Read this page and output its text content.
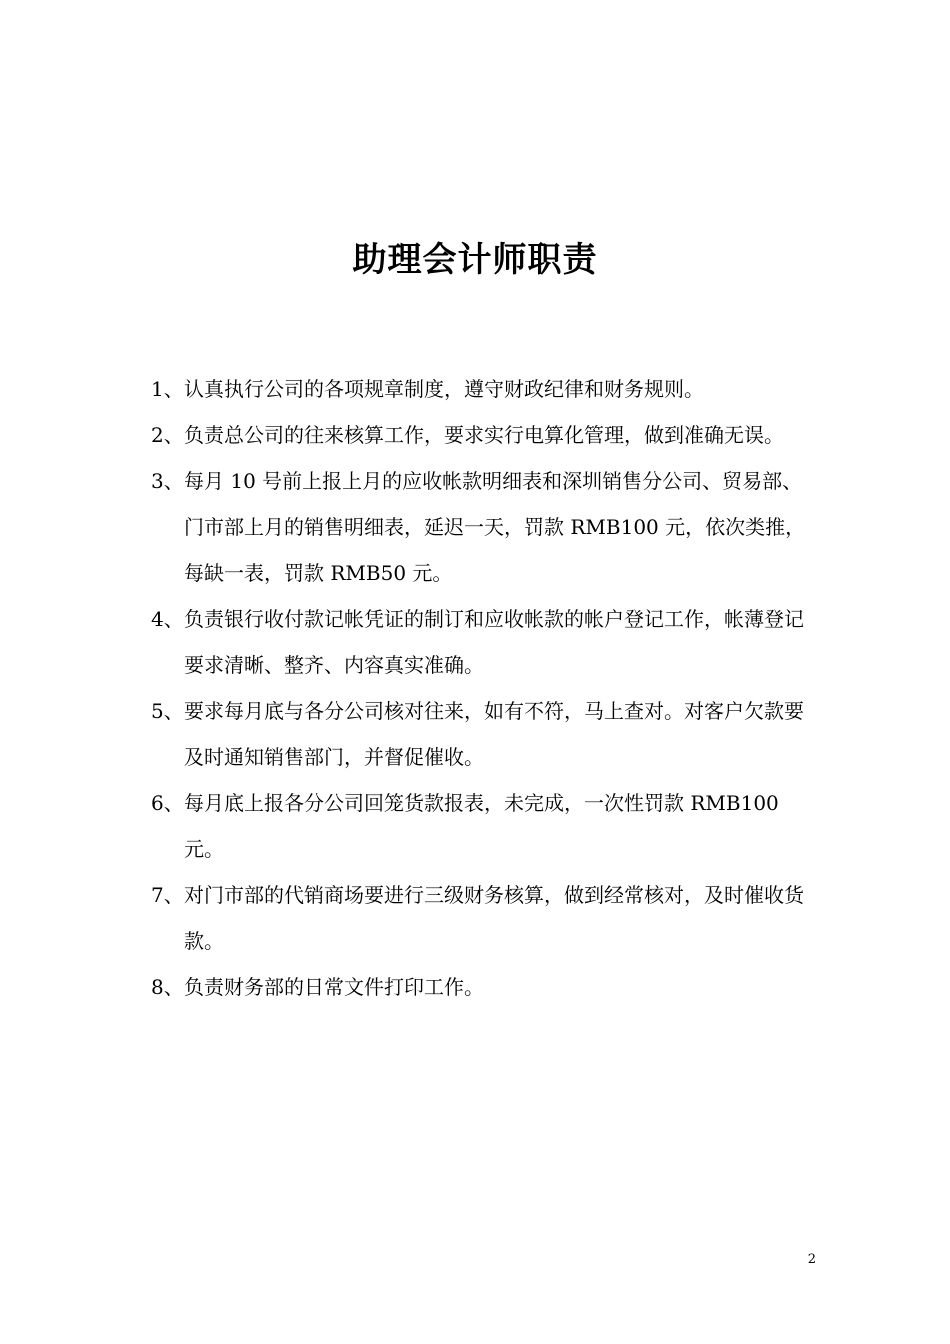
助理会计师职责
1、 认真执行公司的各项规章制度，遵守财政纪律和财务规则。
2、 负责总公司的往来核算工作，要求实行电算化管理，做到准确无误。
3、 每月 10 号前上报上月的应收帐款明细表和深圳销售分公司、贸易部、门市部上月的销售明细表，延迟一天，罚款 RMB100 元，依次类推，每缺一表，罚款 RMB50 元。
4、 负责银行收付款记帐凭证的制订和应收帐款的帐户登记工作，帐薄登记要求清晰、整齐、内容真实准确。
5、 要求每月底与各分公司核对往来，如有不符，马上查对。对客户欠款要及时通知销售部门，并督促催收。
6、 每月底上报各分公司回笼货款报表，未完成，一次性罚款 RMB100 元。
7、 对门市部的代销商场要进行三级财务核算，做到经常核对，及时催收货款。
8、 负责财务部的日常文件打印工作。
2
